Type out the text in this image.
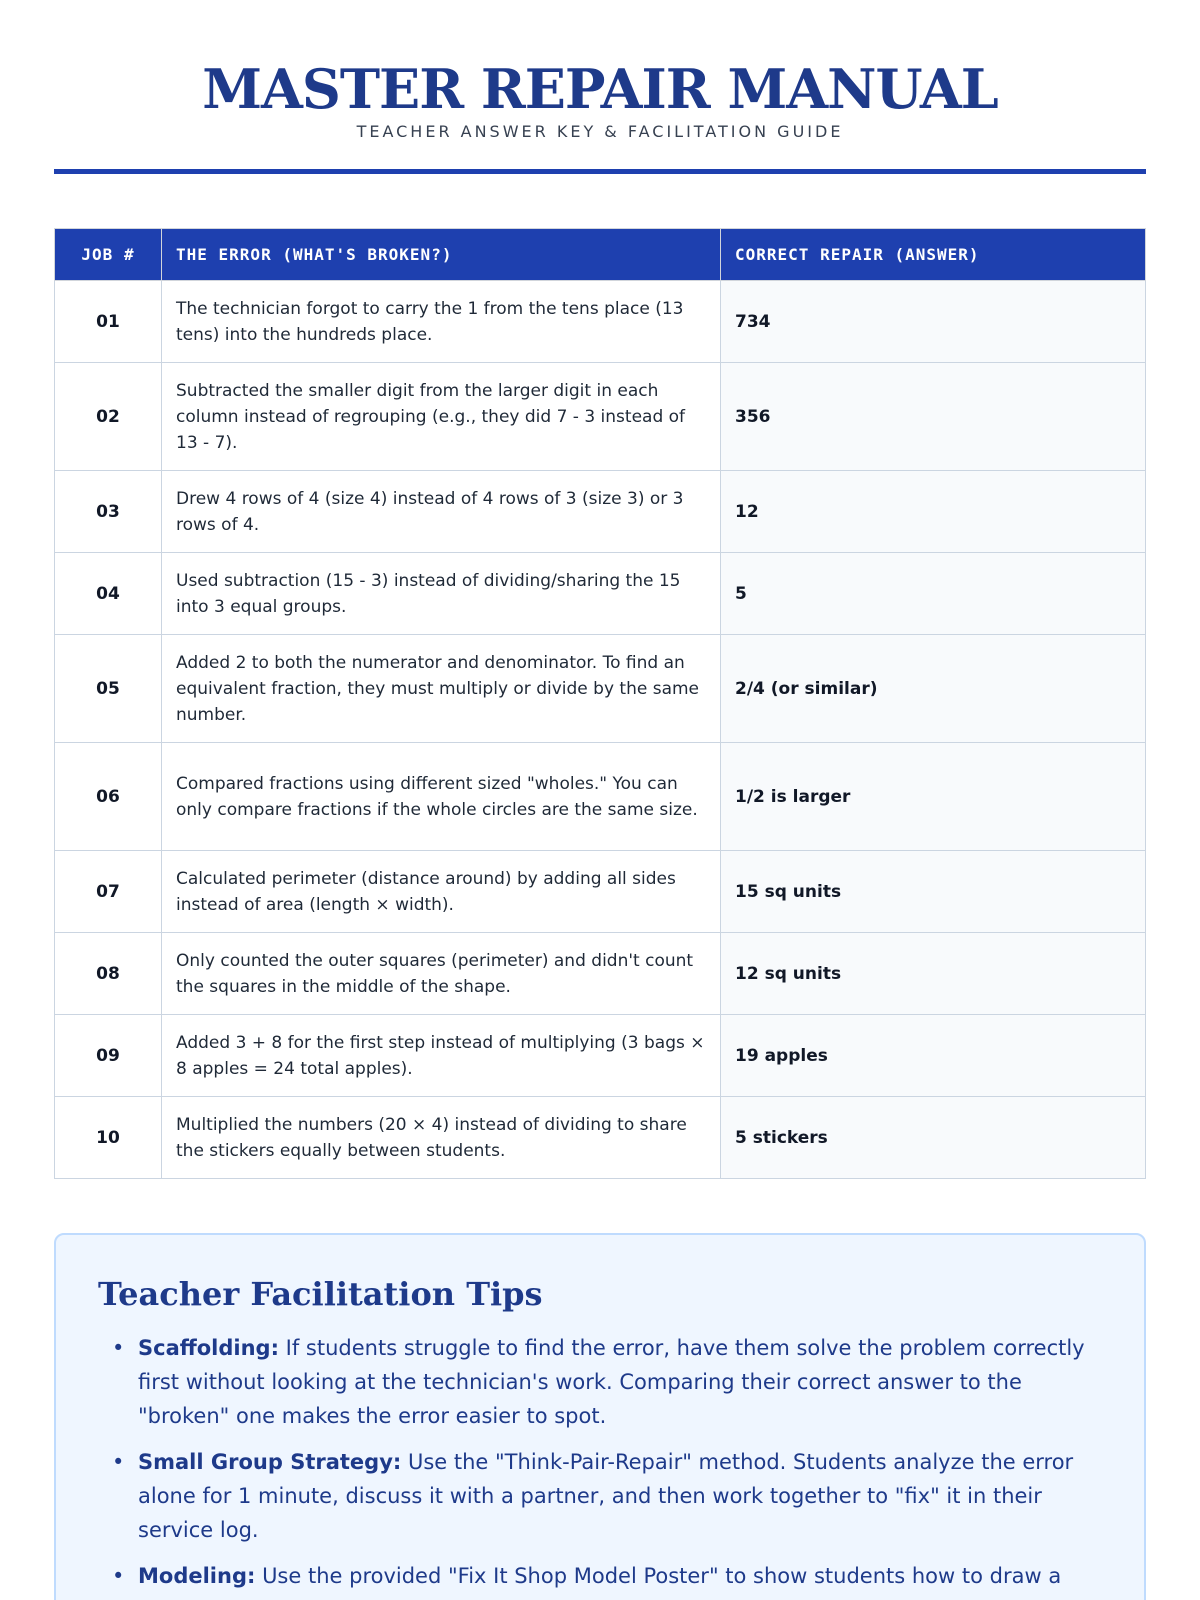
MASTER REPAIR MANUAL
TEACHER ANSWER KEY & FACILITATION GUIDE
JOB #	THE ERROR (WHAT'S BROKEN?)	CORRECT REPAIR (ANSWER)
01	The technician forgot to carry the 1 from the tens place (13 tens) into the hundreds place.	734
02	Subtracted the smaller digit from the larger digit in each column instead of regrouping (e.g., they did 7 - 3 instead of 13 - 7).	356
03	Drew 4 rows of 4 (size 4) instead of 4 rows of 3 (size 3) or 3 rows of 4.	12
04	Used subtraction (15 - 3) instead of dividing/sharing the 15 into 3 equal groups.	5
05	Added 2 to both the numerator and denominator. To find an equivalent fraction, they must multiply or divide by the same number.	2/4 (or similar)
06	Compared fractions using different sized "wholes." You can only compare fractions if the whole circles are the same size.	1/2 is larger
07	Calculated perimeter (distance around) by adding all sides instead of area (length × width).	15 sq units
08	Only counted the outer squares (perimeter) and didn't count the squares in the middle of the shape.	12 sq units
09	Added 3 + 8 for the first step instead of multiplying (3 bags × 8 apples = 24 total apples).	19 apples
10	Multiplied the numbers (20 × 4) instead of dividing to share the stickers equally between students.	5 stickers
Teacher Facilitation Tips
• Scaffolding: If students struggle to find the error, have them solve the problem correctly first without looking at the technician's work. Comparing their correct answer to the "broken" one makes the error easier to spot.
• Small Group Strategy: Use the "Think-Pair-Repair" method. Students analyze the error alone for 1 minute, discuss it with a partner, and then work together to "fix" it in their service log.
• Modeling: Use the provided "Fix It Shop Model Poster" to show students how to draw a
